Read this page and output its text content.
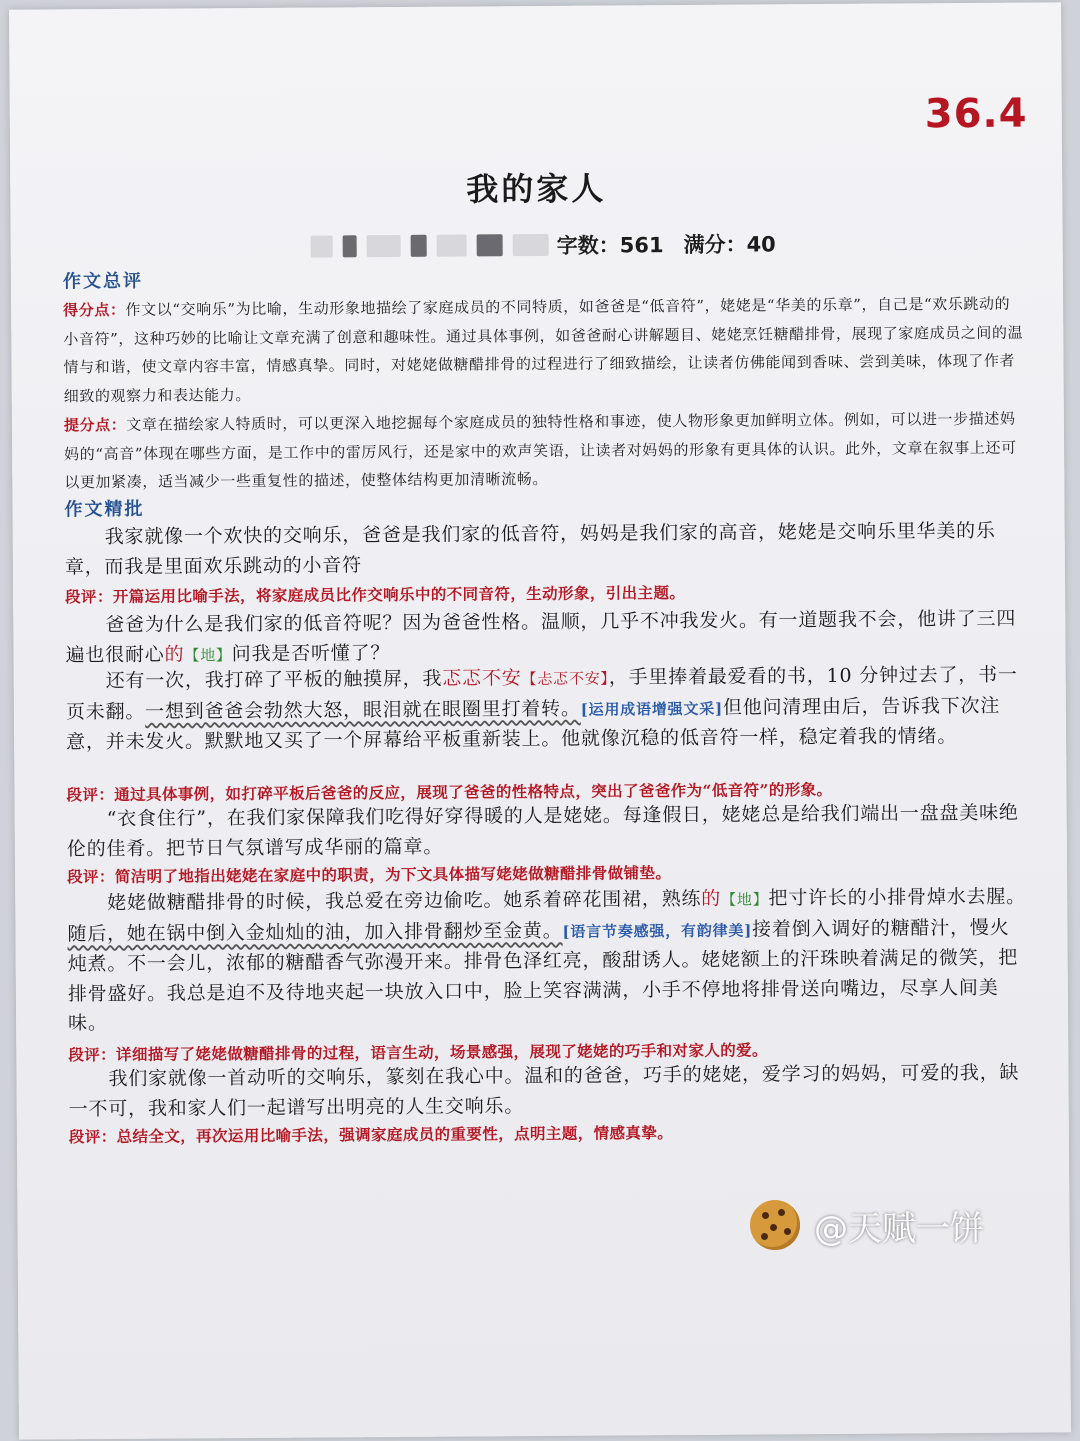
36.4
我的家人
字数：561 满分：40
作文总评
得分点：作文以“交响乐”为比喻，生动形象地描绘了家庭成员的不同特质，如爸爸是“低音符”，姥姥是“华美的乐章”，自己是“欢乐跳动的小音符”，这种巧妙的比喻让文章充满了创意和趣味性。通过具体事例，如爸爸耐心讲解题目、姥姥烹饪糖醋排骨，展现了家庭成员之间的温情与和谐，使文章内容丰富，情感真挚。同时，对姥姥做糖醋排骨的过程进行了细致描绘，让读者仿佛能闻到香味、尝到美味，体现了作者细致的观察力和表达能力。
提分点：文章在描绘家人特质时，可以更深入地挖掘每个家庭成员的独特性格和事迹，使人物形象更加鲜明立体。例如，可以进一步描述妈妈的“高音”体现在哪些方面，是工作中的雷厉风行，还是家中的欢声笑语，让读者对妈妈的形象有更具体的认识。此外，文章在叙事上还可以更加紧凑，适当减少一些重复性的描述，使整体结构更加清晰流畅。
作文精批
我家就像一个欢快的交响乐，爸爸是我们家的低音符，妈妈是我们家的高音，姥姥是交响乐里华美的乐章，而我是里面欢乐跳动的小音符
段评：开篇运用比喻手法，将家庭成员比作交响乐中的不同音符，生动形象，引出主题。
爸爸为什么是我们家的低音符呢？因为爸爸性格。温顺，几乎不冲我发火。有一道题我不会，他讲了三四遍也很耐心的【地】问我是否听懂了？
还有一次，我打碎了平板的触摸屏，我忑忑不安【忐忑不安】，手里捧着最爱看的书，10 分钟过去了，书一页未翻。一想到爸爸会勃然大怒，眼泪就在眼圈里打着转。[运用成语增强文采]但他问清理由后，告诉我下次注意，并未发火。默默地又买了一个屏幕给平板重新装上。他就像沉稳的低音符一样，稳定着我的情绪。
段评：通过具体事例，如打碎平板后爸爸的反应，展现了爸爸的性格特点，突出了爸爸作为“低音符”的形象。
“衣食住行”，在我们家保障我们吃得好穿得暖的人是姥姥。每逢假日，姥姥总是给我们端出一盘盘美味绝伦的佳肴。把节日气氛谱写成华丽的篇章。
段评：简洁明了地指出姥姥在家庭中的职责，为下文具体描写姥姥做糖醋排骨做铺垫。
姥姥做糖醋排骨的时候，我总爱在旁边偷吃。她系着碎花围裙，熟练的【地】把寸许长的小排骨焯水去腥。随后，她在锅中倒入金灿灿的油，加入排骨翻炒至金黄。[语言节奏感强，有韵律美]接着倒入调好的糖醋汁，慢火炖煮。不一会儿，浓郁的糖醋香气弥漫开来。排骨色泽红亮，酸甜诱人。姥姥额上的汗珠映着满足的微笑，把排骨盛好。我总是迫不及待地夹起一块放入口中，脸上笑容满满，小手不停地将排骨送向嘴边，尽享人间美味。
段评：详细描写了姥姥做糖醋排骨的过程，语言生动，场景感强，展现了姥姥的巧手和对家人的爱。
我们家就像一首动听的交响乐，篆刻在我心中。温和的爸爸，巧手的姥姥，爱学习的妈妈，可爱的我，缺一不可，我和家人们一起谱写出明亮的人生交响乐。
段评：总结全文，再次运用比喻手法，强调家庭成员的重要性，点明主题，情感真挚。
@天赋一饼
